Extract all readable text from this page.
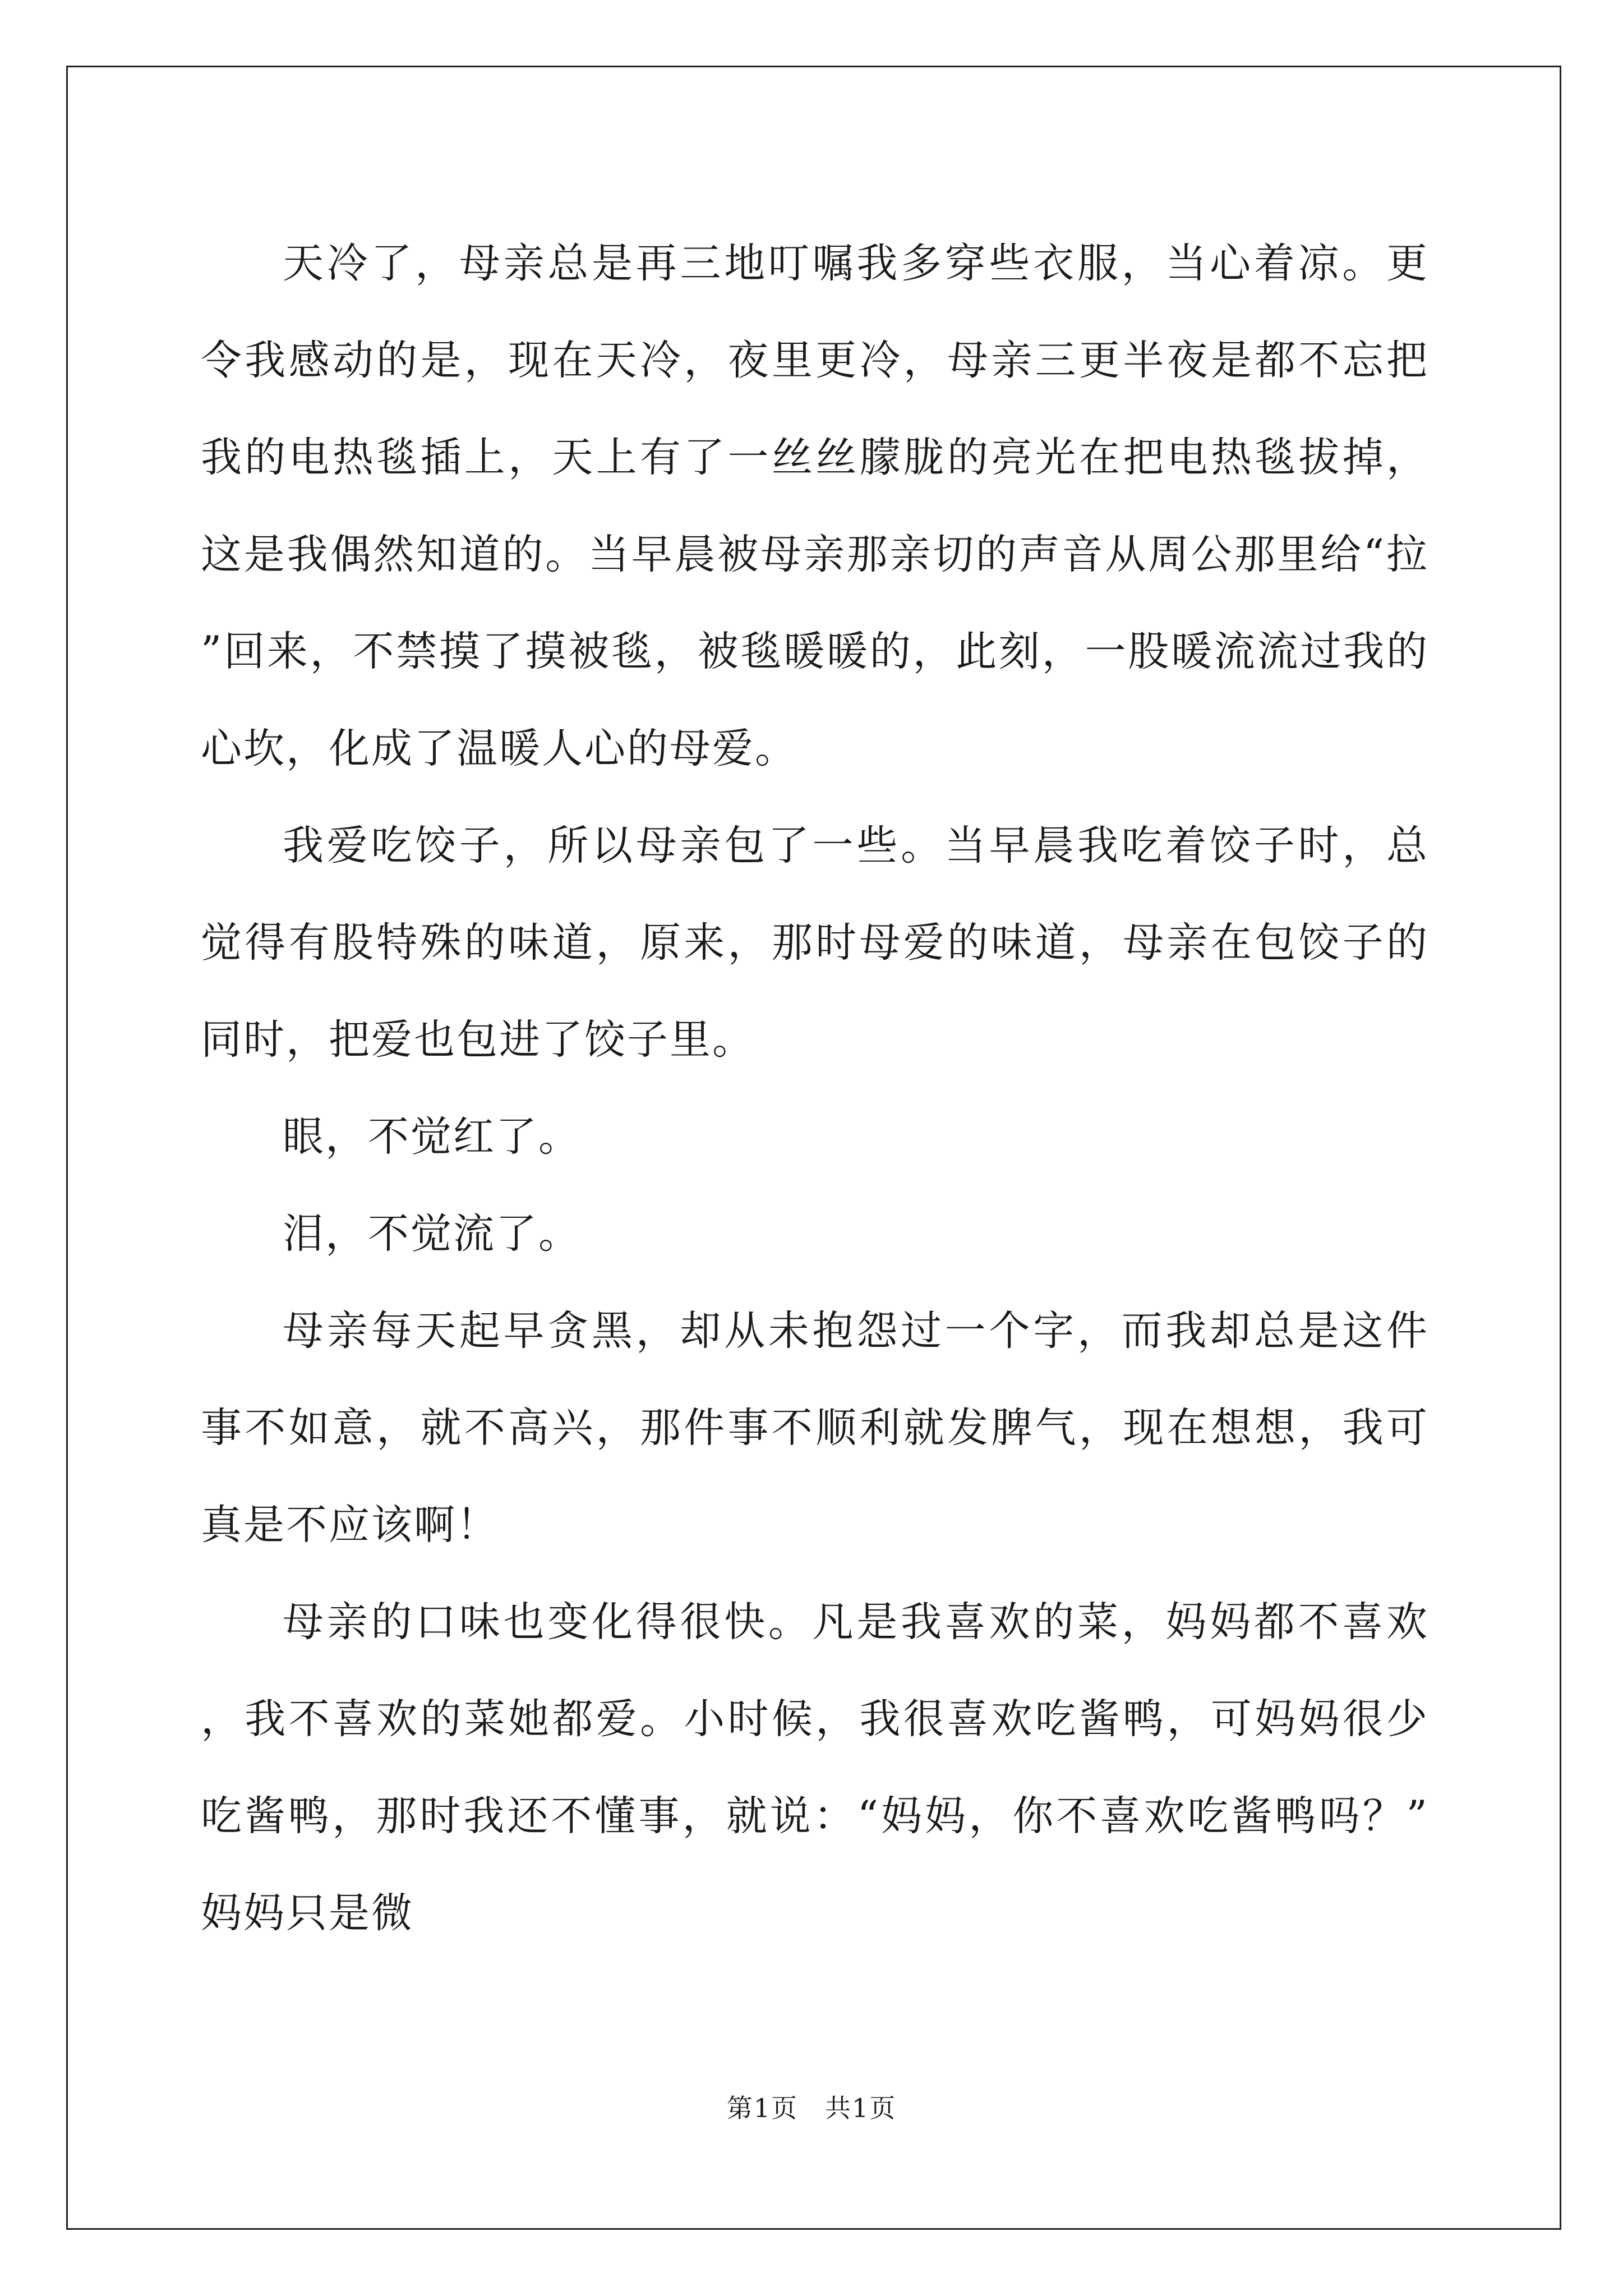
天冷了，母亲总是再三地叮嘱我多穿些衣服，当心着凉。更令我感动的是，现在天冷，夜里更冷，母亲三更半夜是都不忘把我的电热毯插上，天上有了一丝丝朦胧的亮光在把电热毯拔掉，这是我偶然知道的。当早晨被母亲那亲切的声音从周公那里给“拉”回来，不禁摸了摸被毯，被毯暖暖的，此刻，一股暖流流过我的心坎，化成了温暖人心的母爱。

我爱吃饺子，所以母亲包了一些。当早晨我吃着饺子时，总觉得有股特殊的味道，原来，那时母爱的味道，母亲在包饺子的同时，把爱也包进了饺子里。

眼，不觉红了。

泪，不觉流了。

母亲每天起早贪黑，却从未抱怨过一个字，而我却总是这件事不如意，就不高兴，那件事不顺利就发脾气，现在想想，我可真是不应该啊！

母亲的口味也变化得很快。凡是我喜欢的菜，妈妈都不喜欢，我不喜欢的菜她都爱。小时候，我很喜欢吃酱鸭，可妈妈很少吃酱鸭，那时我还不懂事，就说：“妈妈，你不喜欢吃酱鸭吗？”妈妈只是微

第1页　共1页
